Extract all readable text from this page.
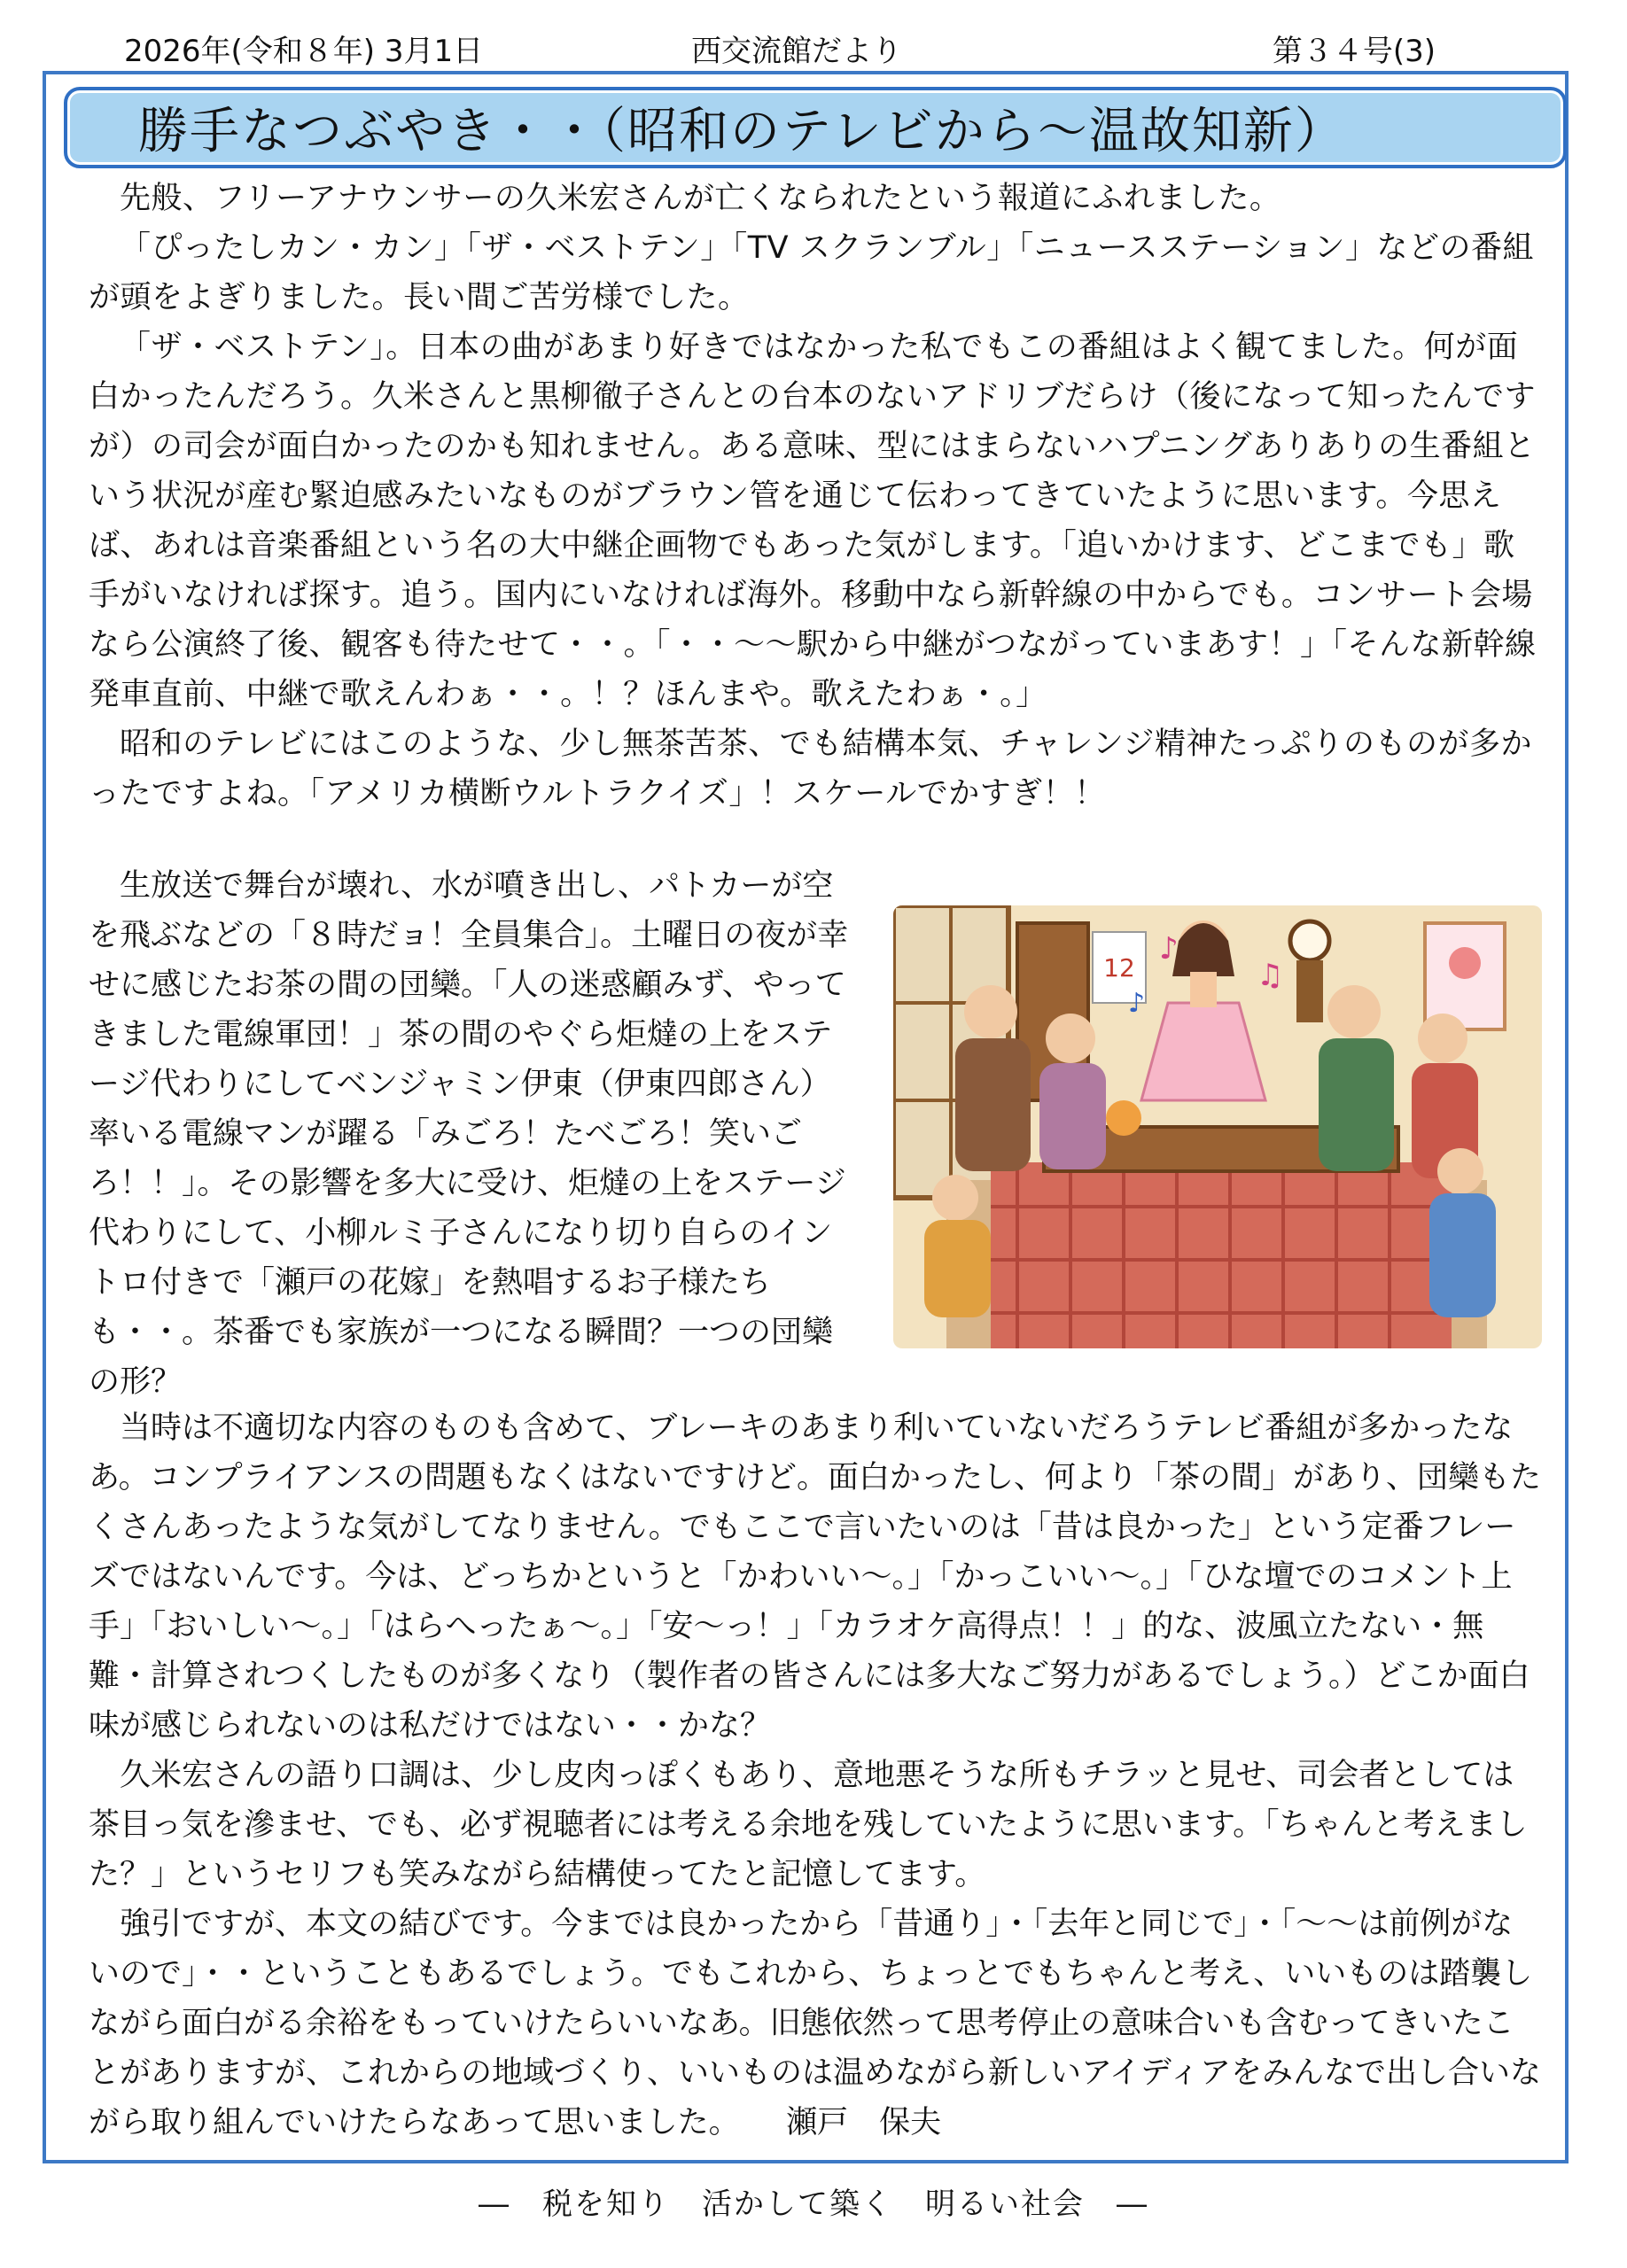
2026年(令和８年) 3月1日	西交流館だより	第３４号(3)
勝手なつぶやき・・（昭和のテレビから～温故知新）

先般、フリーアナウンサーの久米宏さんが亡くなられたという報道にふれました。

「ぴったしカン・カン」「ザ・ベストテン」「TV スクランブル」「ニュースステーション」などの番組が頭をよぎりました。長い間ご苦労様でした。

「ザ・ベストテン」。日本の曲があまり好きではなかった私でもこの番組はよく観てました。何が面白かったんだろう。久米さんと黒柳徹子さんとの台本のないアドリブだらけ（後になって知ったんですが）の司会が面白かったのかも知れません。ある意味、型にはまらないハプニングありありの生番組という状況が産む緊迫感みたいなものがブラウン管を通じて伝わってきていたように思います。今思えば、あれは音楽番組という名の大中継企画物でもあった気がします。「追いかけます、どこまでも」歌手がいなければ探す。追う。国内にいなければ海外。移動中なら新幹線の中からでも。コンサート会場なら公演終了後、観客も待たせて・・。「・・～～駅から中継がつながっていまあす！」「そんな新幹線発車直前、中継で歌えんわぁ・・。！？ほんまや。歌えたわぁ・。」

昭和のテレビにはこのような、少し無茶苦茶、でも結構本気、チャレンジ精神たっぷりのものが多かったですよね。「アメリカ横断ウルトラクイズ」！スケールでかすぎ！！

生放送で舞台が壊れ、水が噴き出し、パトカーが空を飛ぶなどの「８時だョ！全員集合」。土曜日の夜が幸せに感じたお茶の間の団欒。「人の迷惑顧みず、やってきました電線軍団！」茶の間のやぐら炬燵の上をステージ代わりにしてベンジャミン伊東（伊東四郎さん）率いる電線マンが躍る「みごろ！たべごろ！笑いごろ！！」。その影響を多大に受け、炬燵の上をステージ代わりにして、小柳ルミ子さんになり切り自らのイントロ付きで「瀬戸の花嫁」を熱唱するお子様たちも・・。茶番でも家族が一つになる瞬間？一つの団欒の形？

12
♪
♫
♪

当時は不適切な内容のものも含めて、ブレーキのあまり利いていないだろうテレビ番組が多かったなあ。コンプライアンスの問題もなくはないですけど。面白かったし、何より「茶の間」があり、団欒もたくさんあったような気がしてなりません。でもここで言いたいのは「昔は良かった」という定番フレーズではないんです。今は、どっちかというと「かわいい～。」「かっこいい～。」「ひな壇でのコメント上手」「おいしい～。」「はらへったぁ～。」「安～っ！」「カラオケ高得点！！」的な、波風立たない・無難・計算されつくしたものが多くなり（製作者の皆さんには多大なご努力があるでしょう。）どこか面白味が感じられないのは私だけではない・・かな？

久米宏さんの語り口調は、少し皮肉っぽくもあり、意地悪そうな所もチラッと見せ、司会者としては茶目っ気を滲ませ、でも、必ず視聴者には考える余地を残していたように思います。「ちゃんと考えました？」というセリフも笑みながら結構使ってたと記憶してます。

強引ですが、本文の結びです。今までは良かったから「昔通り」・「去年と同じで」・「～～は前例がないので」・・ということもあるでしょう。でもこれから、ちょっとでもちゃんと考え、いいものは踏襲しながら面白がる余裕をもっていけたらいいなあ。旧態依然って思考停止の意味合いも含むってきいたことがありますが、これからの地域づくり、いいものは温めながら新しいアイディアをみんなで出し合いながら取り組んでいけたらなあって思いました。　　 瀬戸　保夫

―　税を知り　活かして築く　明るい社会　―
